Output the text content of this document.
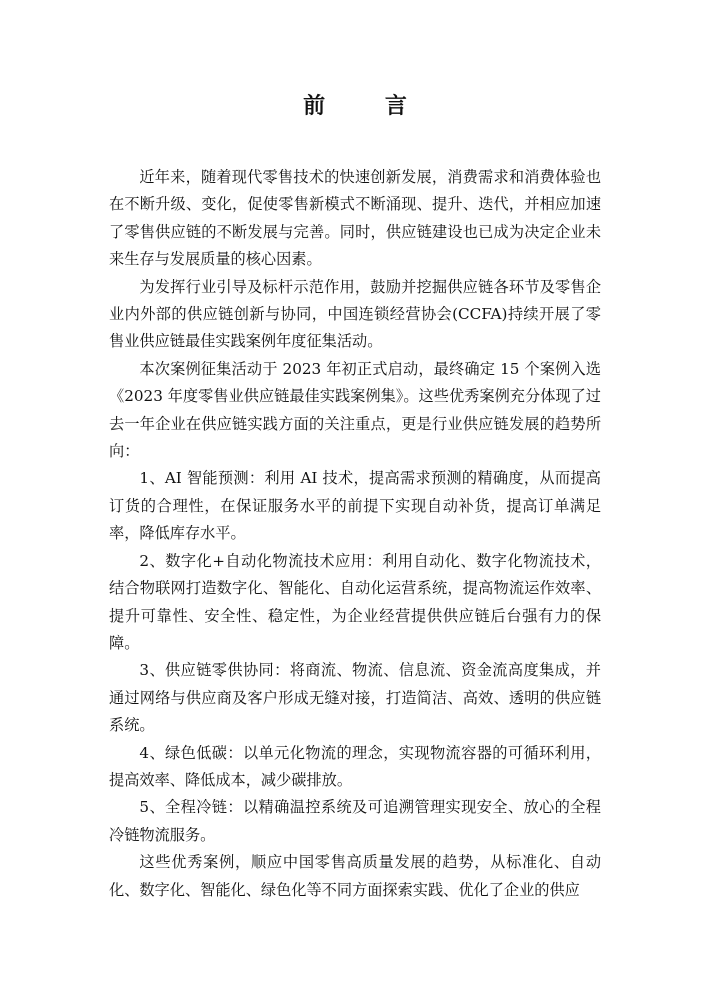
前 言

近年来，随着现代零售技术的快速创新发展，消费需求和消费体验也在不断升级、变化，促使零售新模式不断涌现、提升、迭代，并相应加速了零售供应链的不断发展与完善。同时，供应链建设也已成为决定企业未来生存与发展质量的核心因素。

为发挥行业引导及标杆示范作用，鼓励并挖掘供应链各环节及零售企业内外部的供应链创新与协同，中国连锁经营协会(CCFA)持续开展了零售业供应链最佳实践案例年度征集活动。

本次案例征集活动于 2023 年初正式启动，最终确定 15 个案例入选《2023 年度零售业供应链最佳实践案例集》。这些优秀案例充分体现了过去一年企业在供应链实践方面的关注重点，更是行业供应链发展的趋势所向：

1、AI 智能预测：利用 AI 技术，提高需求预测的精确度，从而提高订货的合理性，在保证服务水平的前提下实现自动补货，提高订单满足率，降低库存水平。

2、数字化+自动化物流技术应用：利用自动化、数字化物流技术，结合物联网打造数字化、智能化、自动化运营系统，提高物流运作效率、提升可靠性、安全性、稳定性，为企业经营提供供应链后台强有力的保障。

3、供应链零供协同：将商流、物流、信息流、资金流高度集成，并通过网络与供应商及客户形成无缝对接，打造简洁、高效、透明的供应链系统。

4、绿色低碳：以单元化物流的理念，实现物流容器的可循环利用，提高效率、降低成本，减少碳排放。

5、全程冷链：以精确温控系统及可追溯管理实现安全、放心的全程冷链物流服务。

这些优秀案例，顺应中国零售高质量发展的趋势，从标准化、自动化、数字化、智能化、绿色化等不同方面探索实践、优化了企业的供应
